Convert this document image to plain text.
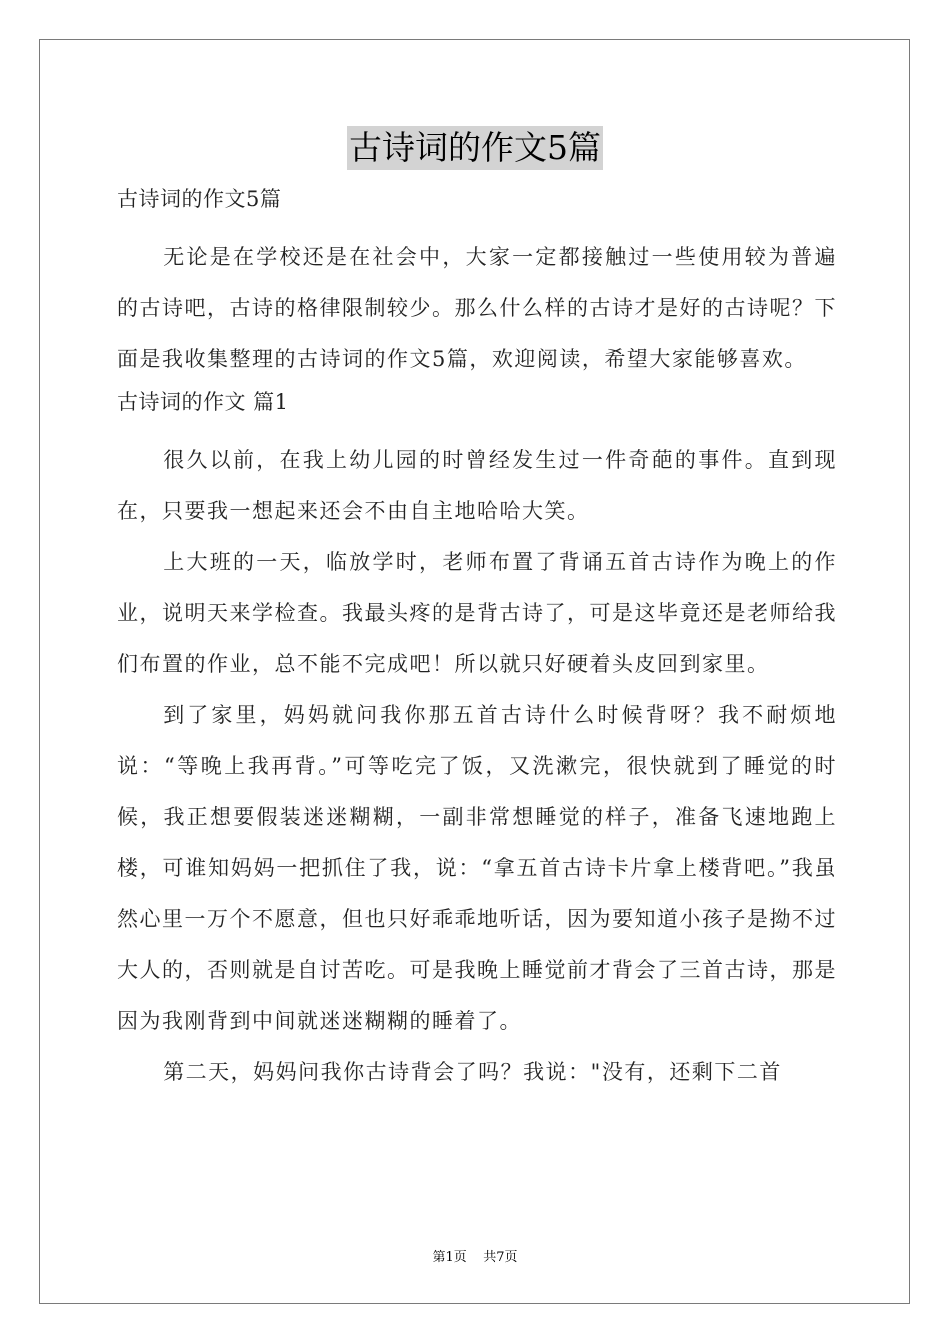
古诗词的作文5篇

古诗词的作文5篇

无论是在学校还是在社会中，大家一定都接触过一些使用较为普遍的古诗吧，古诗的格律限制较少。那么什么样的古诗才是好的古诗呢？下面是我收集整理的古诗词的作文5篇，欢迎阅读，希望大家能够喜欢。

古诗词的作文 篇1

很久以前，在我上幼儿园的时曾经发生过一件奇葩的事件。直到现在，只要我一想起来还会不由自主地哈哈大笑。

上大班的一天，临放学时，老师布置了背诵五首古诗作为晚上的作业，说明天来学检查。我最头疼的是背古诗了，可是这毕竟还是老师给我们布置的作业，总不能不完成吧！所以就只好硬着头皮回到家里。

到了家里，妈妈就问我你那五首古诗什么时候背呀？我不耐烦地说：“等晚上我再背。”可等吃完了饭，又洗漱完，很快就到了睡觉的时候，我正想要假装迷迷糊糊，一副非常想睡觉的样子，准备飞速地跑上楼，可谁知妈妈一把抓住了我，说：“拿五首古诗卡片拿上楼背吧。”我虽然心里一万个不愿意，但也只好乖乖地听话，因为要知道小孩子是拗不过大人的，否则就是自讨苦吃。可是我晚上睡觉前才背会了三首古诗，那是因为我刚背到中间就迷迷糊糊的睡着了。

第二天，妈妈问我你古诗背会了吗？我说："没有，还剩下二首

第1页 共7页
